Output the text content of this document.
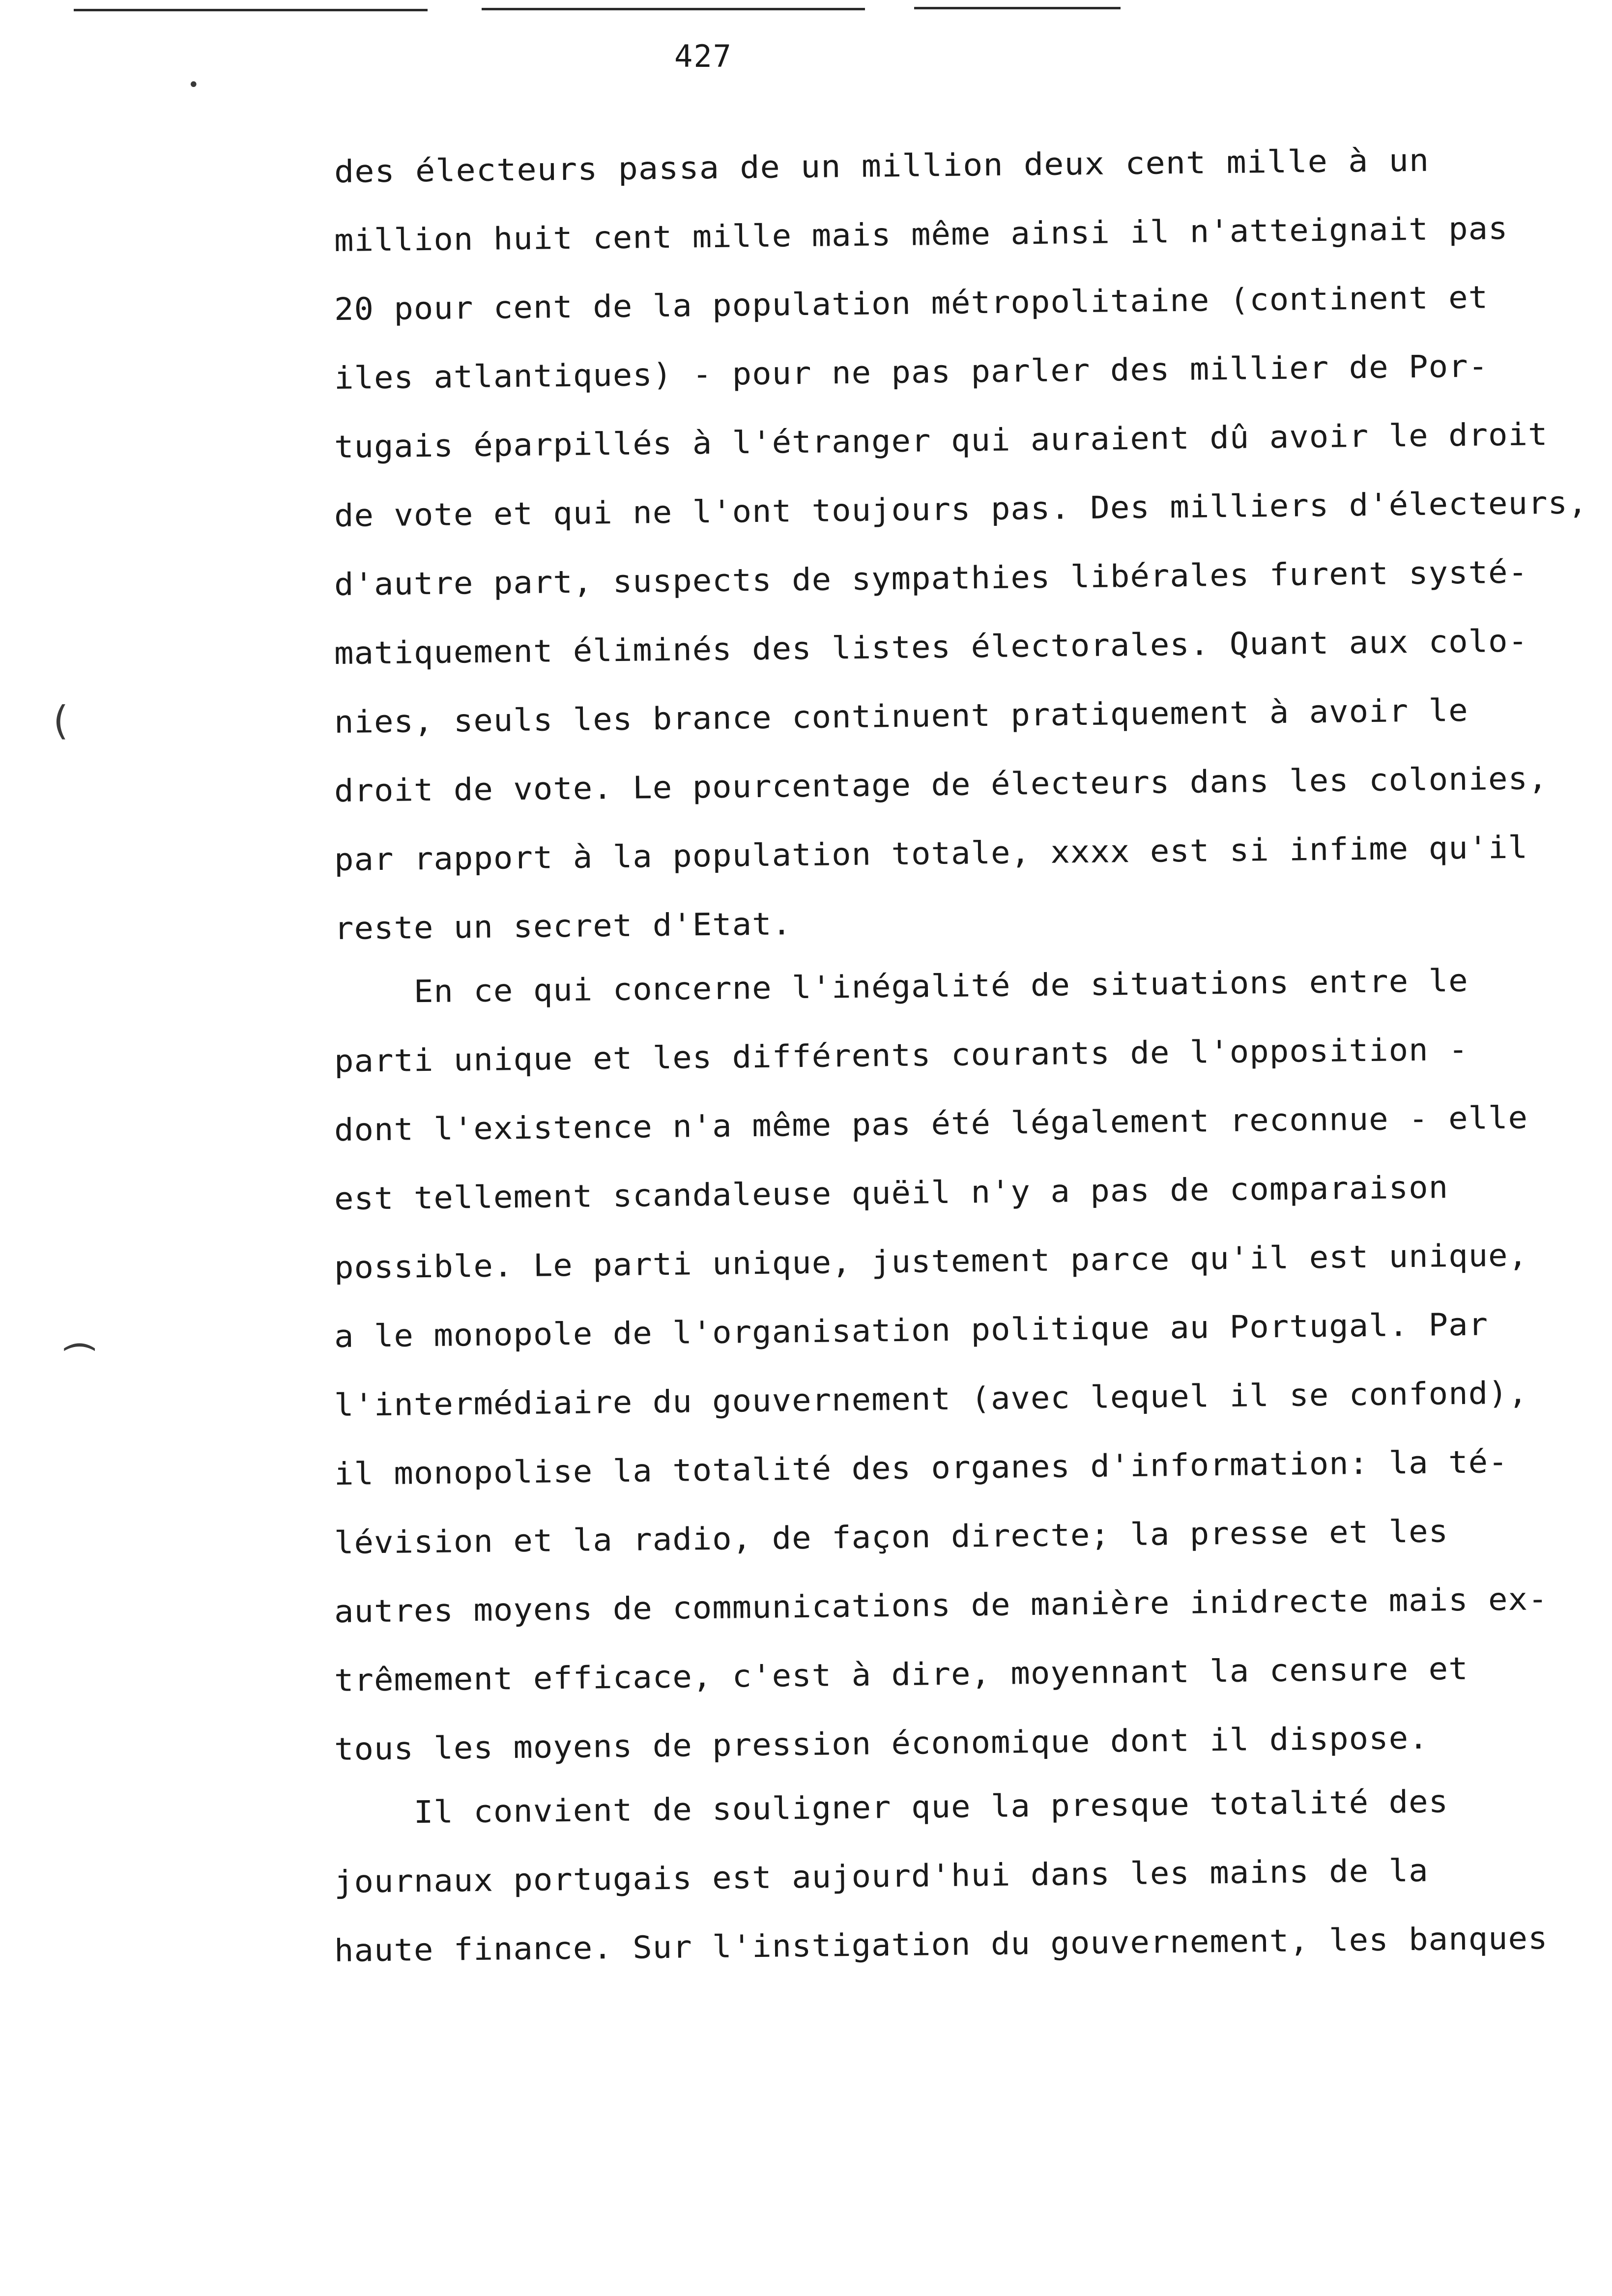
427
•
(
(
des électeurs passa de un million deux cent mille à un
million huit cent mille mais même ainsi il n'atteignait pas
20 pour cent de la population métropolitaine (continent et
iles atlantiques) - pour ne pas parler des millier de Por-
tugais éparpillés à l'étranger qui auraient dû avoir le droit
de vote et qui ne l'ont toujours pas. Des milliers d'électeurs,
d'autre part, suspects de sympathies libérales furent systé-
matiquement éliminés des listes électorales. Quant aux colo-
nies, seuls les brance continuent pratiquement à avoir le
droit de vote. Le pourcentage de électeurs dans les colonies,
par rapport à la population totale, xxxx est si infime qu'il
reste un secret d'Etat.
En ce qui concerne l'inégalité de situations entre le
parti unique et les différents courants de l'opposition -
dont l'existence n'a même pas été légalement reconnue - elle
est tellement scandaleuse quëil n'y a pas de comparaison
possible. Le parti unique, justement parce qu'il est unique,
a le monopole de l'organisation politique au Portugal. Par
l'intermédiaire du gouvernement (avec lequel il se confond),
il monopolise la totalité des organes d'information: la té-
lévision et la radio, de façon directe; la presse et les
autres moyens de communications de manière inidrecte mais ex-
trêmement efficace, c'est à dire, moyennant la censure et
tous les moyens de pression économique dont il dispose.
Il convient de souligner que la presque totalité des
journaux portugais est aujourd'hui dans les mains de la
haute finance. Sur l'instigation du gouvernement, les banques
